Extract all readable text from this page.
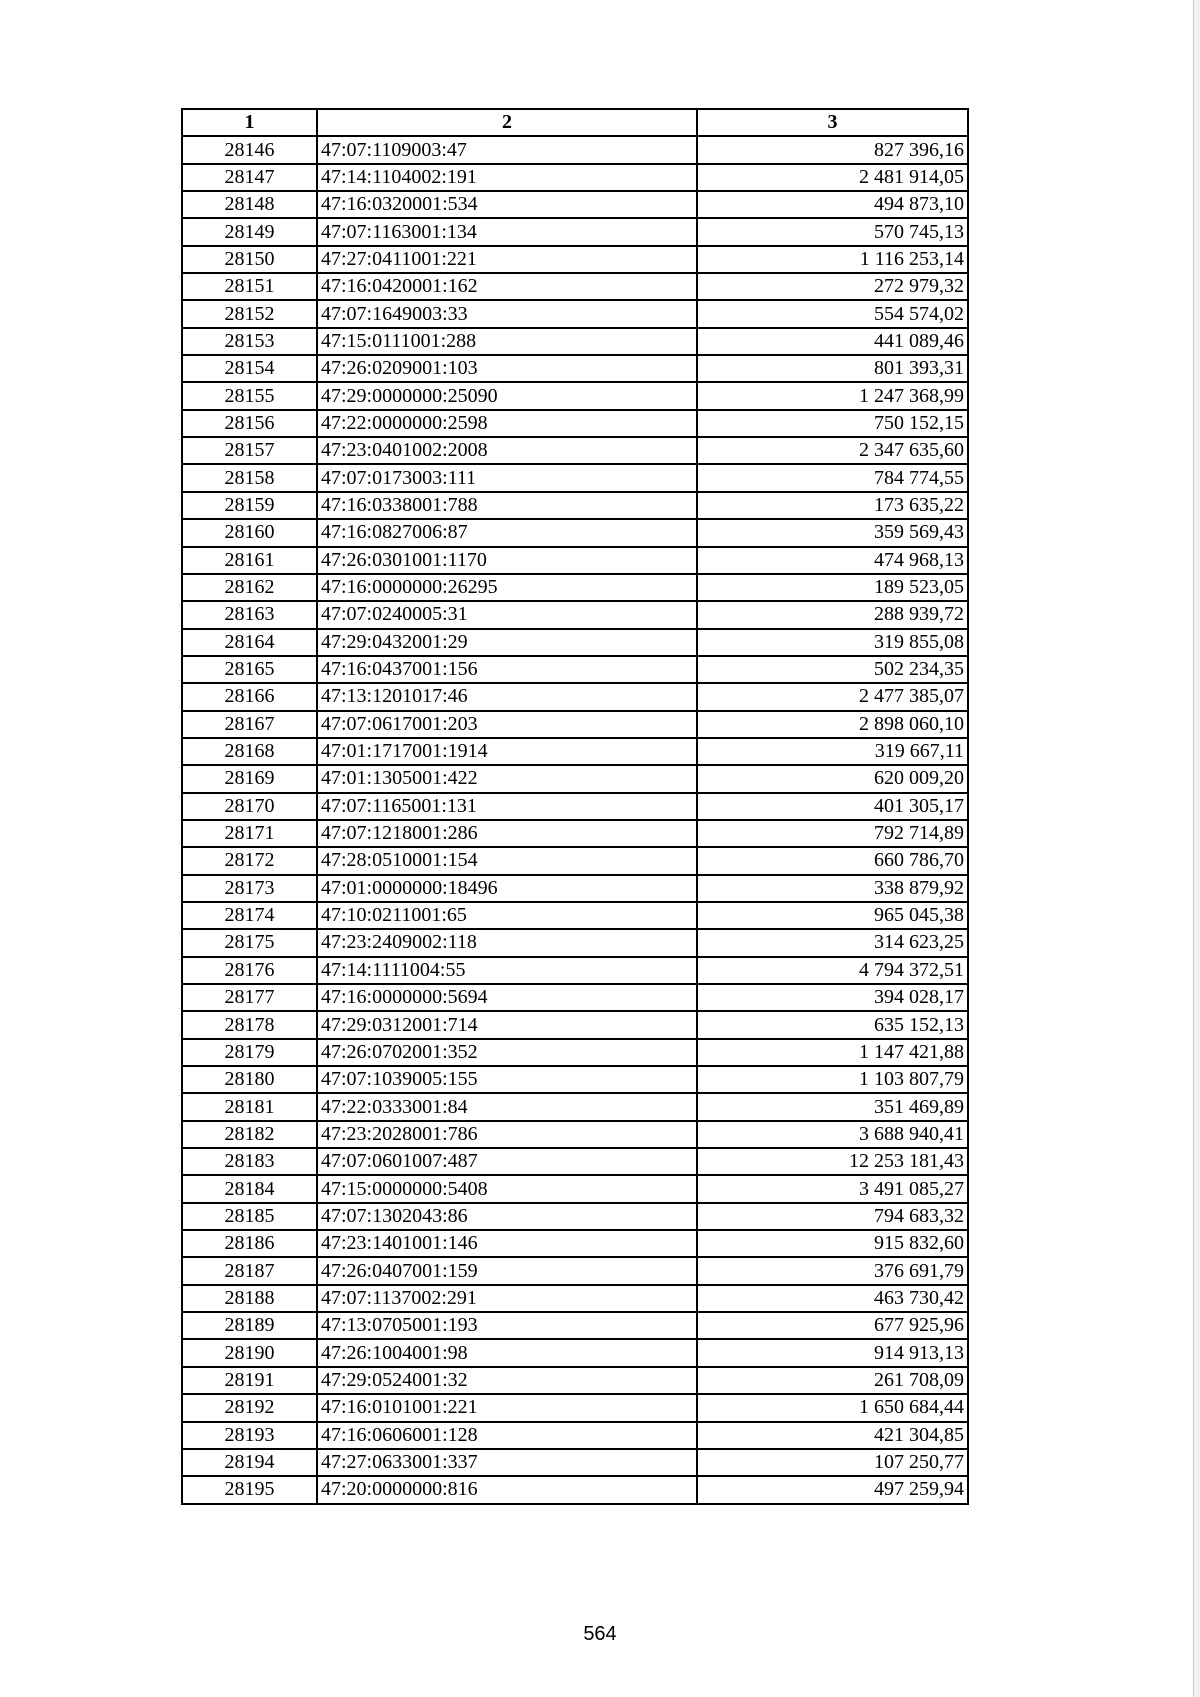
1	2	3
28146	47:07:1109003:47	827 396,16
28147	47:14:1104002:191	2 481 914,05
28148	47:16:0320001:534	494 873,10
28149	47:07:1163001:134	570 745,13
28150	47:27:0411001:221	1 116 253,14
28151	47:16:0420001:162	272 979,32
28152	47:07:1649003:33	554 574,02
28153	47:15:0111001:288	441 089,46
28154	47:26:0209001:103	801 393,31
28155	47:29:0000000:25090	1 247 368,99
28156	47:22:0000000:2598	750 152,15
28157	47:23:0401002:2008	2 347 635,60
28158	47:07:0173003:111	784 774,55
28159	47:16:0338001:788	173 635,22
28160	47:16:0827006:87	359 569,43
28161	47:26:0301001:1170	474 968,13
28162	47:16:0000000:26295	189 523,05
28163	47:07:0240005:31	288 939,72
28164	47:29:0432001:29	319 855,08
28165	47:16:0437001:156	502 234,35
28166	47:13:1201017:46	2 477 385,07
28167	47:07:0617001:203	2 898 060,10
28168	47:01:1717001:1914	319 667,11
28169	47:01:1305001:422	620 009,20
28170	47:07:1165001:131	401 305,17
28171	47:07:1218001:286	792 714,89
28172	47:28:0510001:154	660 786,70
28173	47:01:0000000:18496	338 879,92
28174	47:10:0211001:65	965 045,38
28175	47:23:2409002:118	314 623,25
28176	47:14:1111004:55	4 794 372,51
28177	47:16:0000000:5694	394 028,17
28178	47:29:0312001:714	635 152,13
28179	47:26:0702001:352	1 147 421,88
28180	47:07:1039005:155	1 103 807,79
28181	47:22:0333001:84	351 469,89
28182	47:23:2028001:786	3 688 940,41
28183	47:07:0601007:487	12 253 181,43
28184	47:15:0000000:5408	3 491 085,27
28185	47:07:1302043:86	794 683,32
28186	47:23:1401001:146	915 832,60
28187	47:26:0407001:159	376 691,79
28188	47:07:1137002:291	463 730,42
28189	47:13:0705001:193	677 925,96
28190	47:26:1004001:98	914 913,13
28191	47:29:0524001:32	261 708,09
28192	47:16:0101001:221	1 650 684,44
28193	47:16:0606001:128	421 304,85
28194	47:27:0633001:337	107 250,77
28195	47:20:0000000:816	497 259,94
564
